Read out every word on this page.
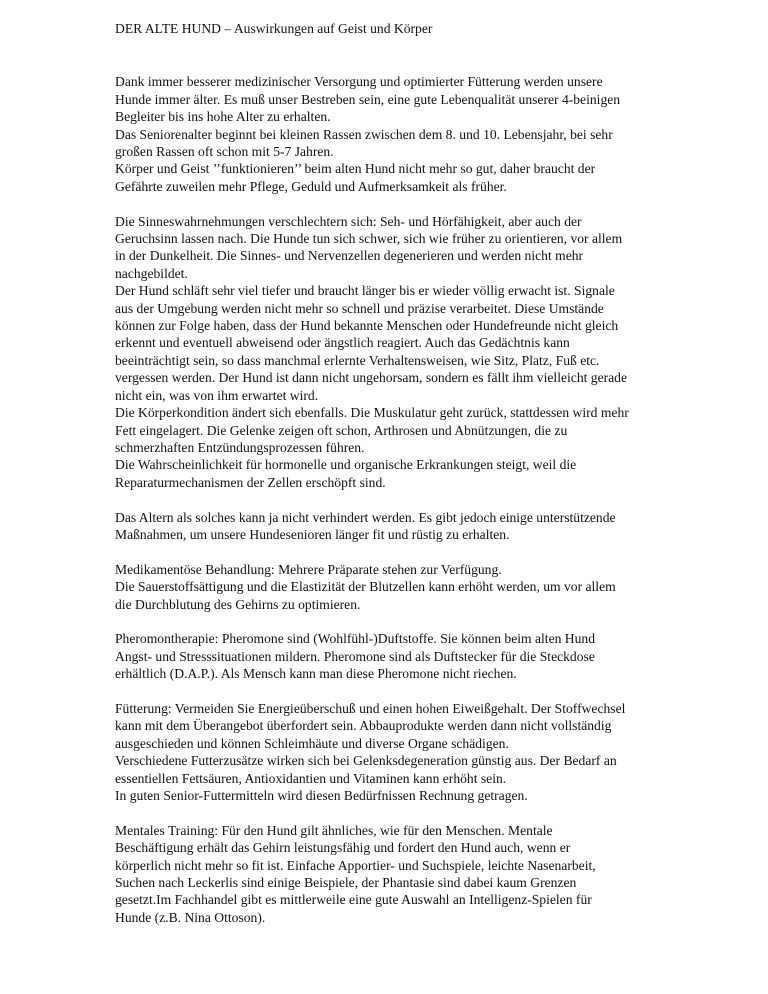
DER ALTE HUND – Auswirkungen auf Geist und Körper
Dank immer besserer medizinischer Versorgung und optimierter Fütterung werden unsere
Hunde immer älter. Es muß unser Bestreben sein, eine gute Lebenqualität unserer 4-beinigen
Begleiter bis ins hohe Alter zu erhalten.
Das Seniorenalter beginnt bei kleinen Rassen zwischen dem 8. und 10. Lebensjahr, bei sehr
großen Rassen oft schon mit 5-7 Jahren.
Körper und Geist ’’funktionieren’’ beim alten Hund nicht mehr so gut, daher braucht der
Gefährte zuweilen mehr Pflege, Geduld und Aufmerksamkeit als früher.
Die Sinneswahrnehmungen verschlechtern sich: Seh- und Hörfähigkeit, aber auch der
Geruchsinn lassen nach. Die Hunde tun sich schwer, sich wie früher zu orientieren, vor allem
in der Dunkelheit. Die Sinnes- und Nervenzellen degenerieren und werden nicht mehr
nachgebildet.
Der Hund schläft sehr viel tiefer und braucht länger bis er wieder völlig erwacht ist. Signale
aus der Umgebung werden nicht mehr so schnell und präzise verarbeitet. Diese Umstände
können zur Folge haben, dass der Hund bekannte Menschen oder Hundefreunde nicht gleich
erkennt und eventuell abweisend oder ängstlich reagiert. Auch das Gedächtnis kann
beeinträchtigt sein, so dass manchmal erlernte Verhaltensweisen, wie Sitz, Platz, Fuß etc.
vergessen werden. Der Hund ist dann nicht ungehorsam, sondern es fällt ihm vielleicht gerade
nicht ein, was von ihm erwartet wird.
Die Körperkondition ändert sich ebenfalls. Die Muskulatur geht zurück, stattdessen wird mehr
Fett eingelagert. Die Gelenke zeigen oft schon, Arthrosen und Abnützungen, die zu
schmerzhaften Entzündungsprozessen führen.
Die Wahrscheinlichkeit für hormonelle und organische Erkrankungen steigt, weil die
Reparaturmechanismen der Zellen erschöpft sind.
Das Altern als solches kann ja nicht verhindert werden. Es gibt jedoch einige unterstützende
Maßnahmen, um unsere Hundesenioren länger fit und rüstig zu erhalten.
Medikamentöse Behandlung: Mehrere Präparate stehen zur Verfügung.
Die Sauerstoffsättigung und die Elastizität der Blutzellen kann erhöht werden, um vor allem
die Durchblutung des Gehirns zu optimieren.
Pheromontherapie: Pheromone sind (Wohlfühl-)Duftstoffe. Sie können beim alten Hund
Angst- und Stresssituationen mildern. Pheromone sind als Duftstecker für die Steckdose
erhältlich (D.A.P.). Als Mensch kann man diese Pheromone nicht riechen.
Fütterung: Vermeiden Sie Energieüberschuß und einen hohen Eiweißgehalt. Der Stoffwechsel
kann mit dem Überangebot überfordert sein. Abbauprodukte werden dann nicht vollständig
ausgeschieden und können Schleimhäute und diverse Organe schädigen.
Verschiedene Futterzusätze wirken sich bei Gelenksdegeneration günstig aus. Der Bedarf an
essentiellen Fettsäuren, Antioxidantien und Vitaminen kann erhöht sein.
In guten Senior-Futtermitteln wird diesen Bedürfnissen Rechnung getragen.
Mentales Training: Für den Hund gilt ähnliches, wie für den Menschen. Mentale
Beschäftigung erhält das Gehirn leistungsfähig und fordert den Hund auch, wenn er
körperlich nicht mehr so fit ist. Einfache Apportier- und Suchspiele, leichte Nasenarbeit,
Suchen nach Leckerlis sind einige Beispiele, der Phantasie sind dabei kaum Grenzen
gesetzt.Im Fachhandel gibt es mittlerweile eine gute Auswahl an Intelligenz-Spielen für
Hunde (z.B. Nina Ottoson).
